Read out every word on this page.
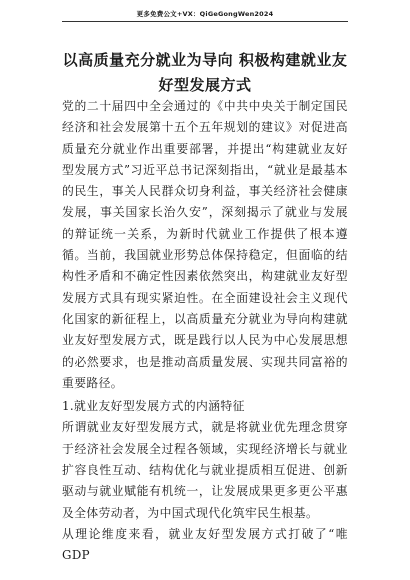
更多免费公文+VX：QiGeGongWen2024
以高质量充分就业为导向 积极构建就业友好型发展方式

党的二十届四中全会通过的《中共中央关于制定国民经济和社会发展第十五个五年规划的建议》对促进高质量充分就业作出重要部署，并提出“构建就业友好型发展方式”习近平总书记深刻指出，“就业是最基本的民生，事关人民群众切身利益，事关经济社会健康发展，事关国家长治久安”，深刻揭示了就业与发展的辩证统一关系，为新时代就业工作提供了根本遵循。当前，我国就业形势总体保持稳定，但面临的结构性矛盾和不确定性因素依然突出，构建就业友好型发展方式具有现实紧迫性。在全面建设社会主义现代化国家的新征程上，以高质量充分就业为导向构建就业友好型发展方式，既是践行以人民为中心发展思想的必然要求，也是推动高质量发展、实现共同富裕的重要路径。

1.就业友好型发展方式的内涵特征

所谓就业友好型发展方式，就是将就业优先理念贯穿于经济社会发展全过程各领域，实现经济增长与就业扩容良性互动、结构优化与就业提质相互促进、创新驱动与就业赋能有机统一，让发展成果更多更公平惠及全体劳动者，为中国式现代化筑牢民生根基。

从理论维度来看，就业友好型发展方式打破了“唯GDP
